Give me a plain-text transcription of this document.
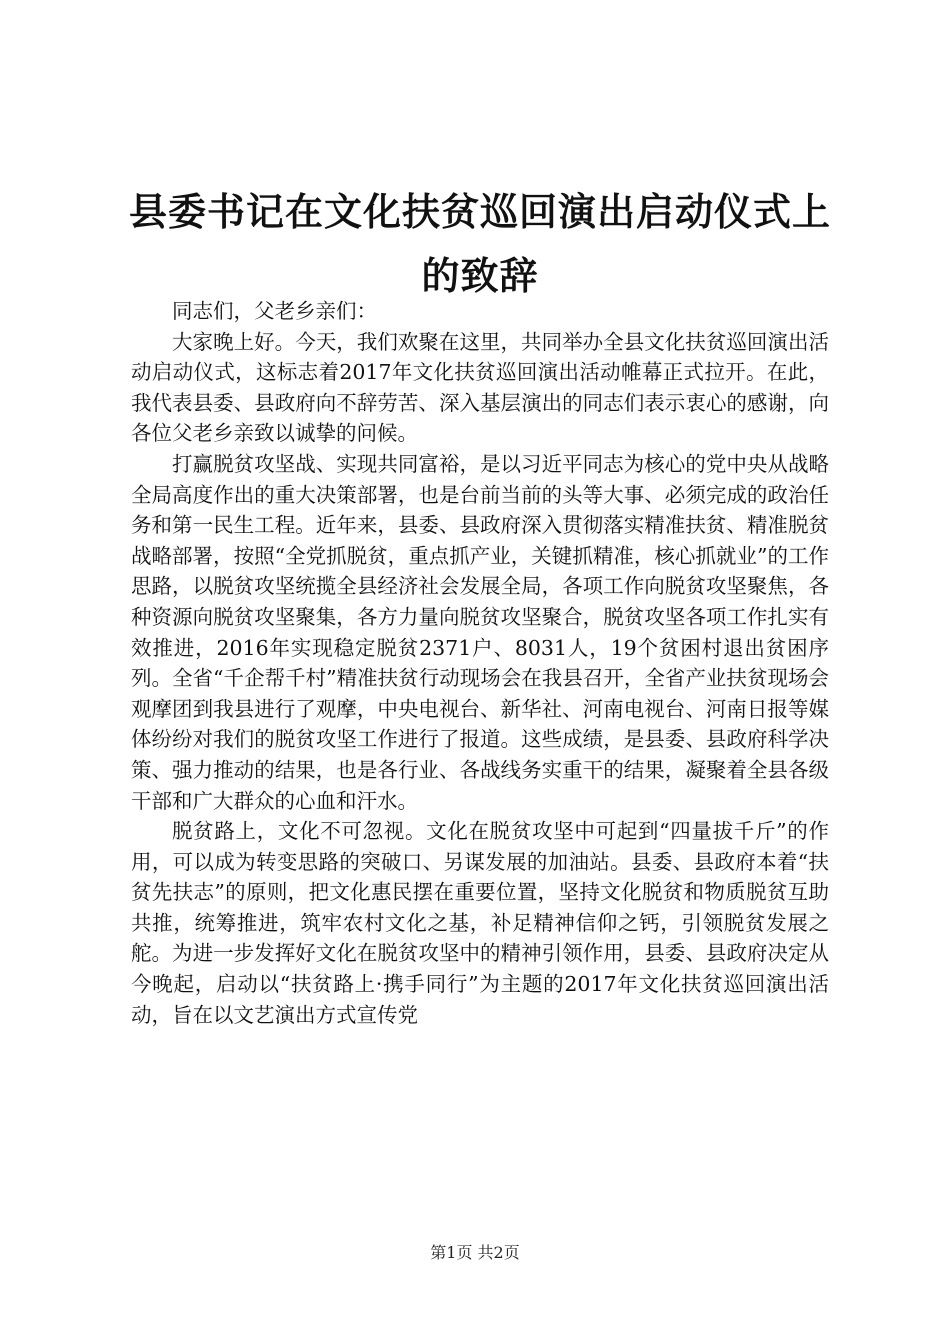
县委书记在文化扶贫巡回演出启动仪式上的致辞

同志们，父老乡亲们：

大家晚上好。今天，我们欢聚在这里，共同举办全县文化扶贫巡回演出活动启动仪式，这标志着2017年文化扶贫巡回演出活动帷幕正式拉开。在此，我代表县委、县政府向不辞劳苦、深入基层演出的同志们表示衷心的感谢，向各位父老乡亲致以诚挚的问候。

打赢脱贫攻坚战、实现共同富裕，是以习近平同志为核心的党中央从战略全局高度作出的重大决策部署，也是台前当前的头等大事、必须完成的政治任务和第一民生工程。近年来，县委、县政府深入贯彻落实精准扶贫、精准脱贫战略部署，按照“全党抓脱贫，重点抓产业，关键抓精准，核心抓就业”的工作思路，以脱贫攻坚统揽全县经济社会发展全局，各项工作向脱贫攻坚聚焦，各种资源向脱贫攻坚聚集，各方力量向脱贫攻坚聚合，脱贫攻坚各项工作扎实有效推进，2016年实现稳定脱贫2371户、8031人，19个贫困村退出贫困序列。全省“千企帮千村”精准扶贫行动现场会在我县召开，全省产业扶贫现场会观摩团到我县进行了观摩，中央电视台、新华社、河南电视台、河南日报等媒体纷纷对我们的脱贫攻坚工作进行了报道。这些成绩，是县委、县政府科学决策、强力推动的结果，也是各行业、各战线务实重干的结果，凝聚着全县各级干部和广大群众的心血和汗水。

脱贫路上，文化不可忽视。文化在脱贫攻坚中可起到“四量拔千斤”的作用，可以成为转变思路的突破口、另谋发展的加油站。县委、县政府本着“扶贫先扶志”的原则，把文化惠民摆在重要位置，坚持文化脱贫和物质脱贫互助共推，统筹推进，筑牢农村文化之基，补足精神信仰之钙，引领脱贫发展之舵。为进一步发挥好文化在脱贫攻坚中的精神引领作用，县委、县政府决定从今晚起，启动以“扶贫路上·携手同行”为主题的2017年文化扶贫巡回演出活动，旨在以文艺演出方式宣传党

第1页 共2页
